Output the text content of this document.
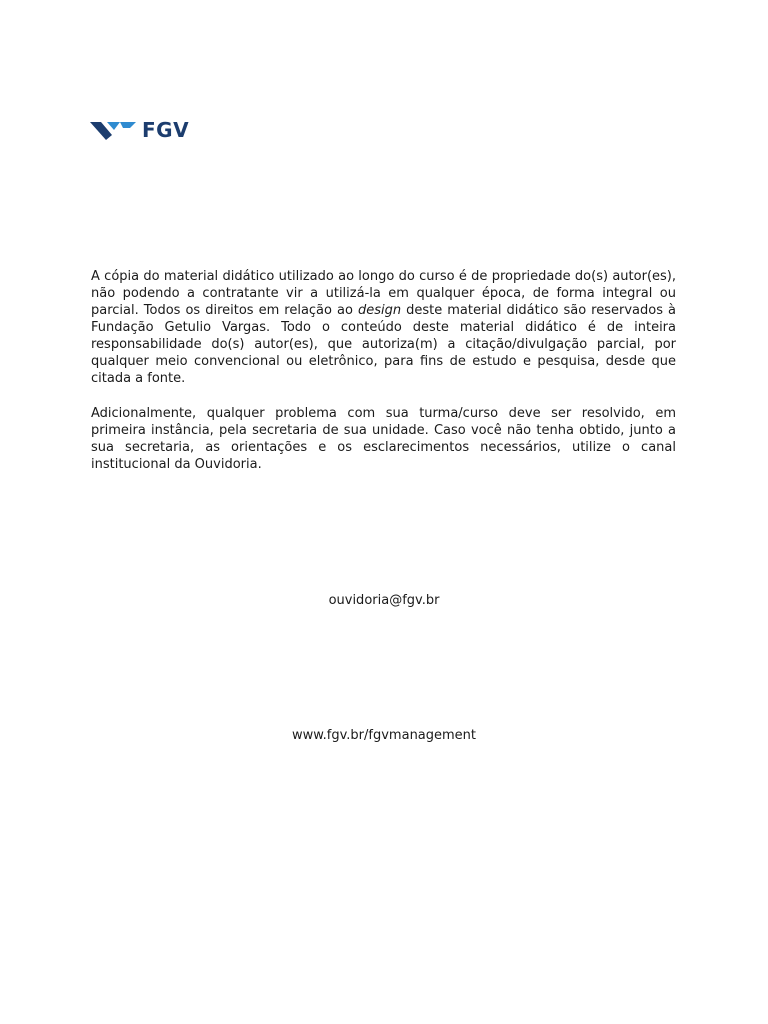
FGV

A cópia do material didático utilizado ao longo do curso é de propriedade do(s) autor(es), não podendo a contratante vir a utilizá-la em qualquer época, de forma integral ou parcial. Todos os direitos em relação ao design deste material didático são reservados à Fundação Getulio Vargas. Todo o conteúdo deste material didático é de inteira responsabilidade do(s) autor(es), que autoriza(m) a citação/divulgação parcial, por qualquer meio convencional ou eletrônico, para fins de estudo e pesquisa, desde que citada a fonte.

Adicionalmente, qualquer problema com sua turma/curso deve ser resolvido, em primeira instância, pela secretaria de sua unidade. Caso você não tenha obtido, junto a sua secretaria, as orientações e os esclarecimentos necessários, utilize o canal institucional da Ouvidoria.

ouvidoria@fgv.br
www.fgv.br/fgvmanagement
